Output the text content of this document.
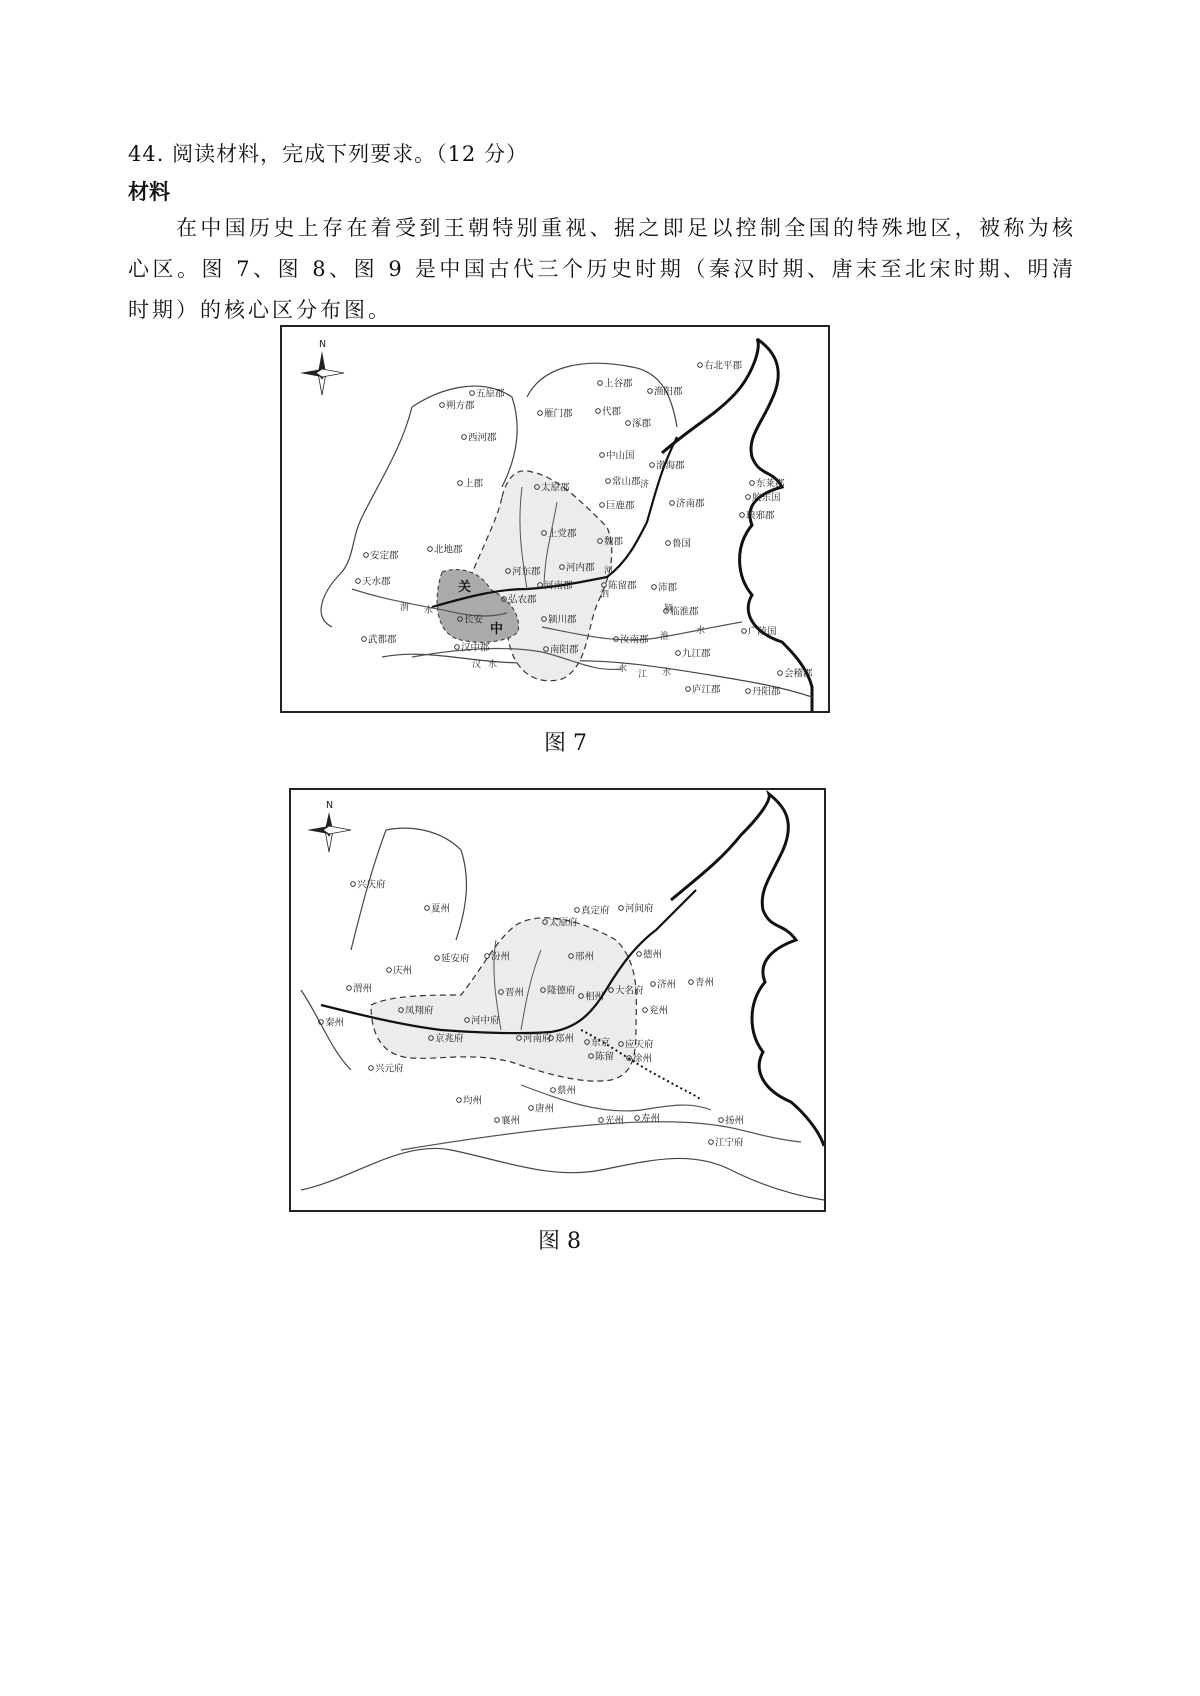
44. 阅读材料，完成下列要求。（12 分）
材料
在中国历史上存在着受到王朝特别重视、据之即足以控制全国的特殊地区，被称为核心区。图 7、图 8、图 9 是中国古代三个历史时期（秦汉时期、唐末至北宋时期、明清时期）的核心区分布图。
N
右北平郡
上谷郡
渔阳郡
五原郡
朔方郡
雁门郡	代郡
涿郡
西河郡
中山国
渤海郡
上郡	太原郡
常山郡	东莱郡
巨鹿郡	济南郡
胶东国
琅邪郡
上党郡
魏郡
安定郡
北地郡
鲁国
天水郡
河东郡	河内郡
河南郡	陈留郡
弘农郡
沛郡
长安	颍川郡
临淮郡
广陵国
武都郡	汝南郡
汉中郡	南阳郡	九江郡
会稽郡
庐江郡	丹阳郡
渭 水
汉 水
河
泗
淮
江
济
颍
水
水	水
关
中
图 7
N
兴庆府
夏州	真定府 河间府
太原府
邢州	德州
汾州
延安府
庆州
济州 青州
渭州	晋州 隆德府
相州
大名府
兖州
秦州
凤翔府
河中府
京兆府	河南府 郑州 东京
陈留
应天府
徐州
兴元府
蔡州
寿州
均州
唐州
襄州	光州	扬州
江宁府
图 8
